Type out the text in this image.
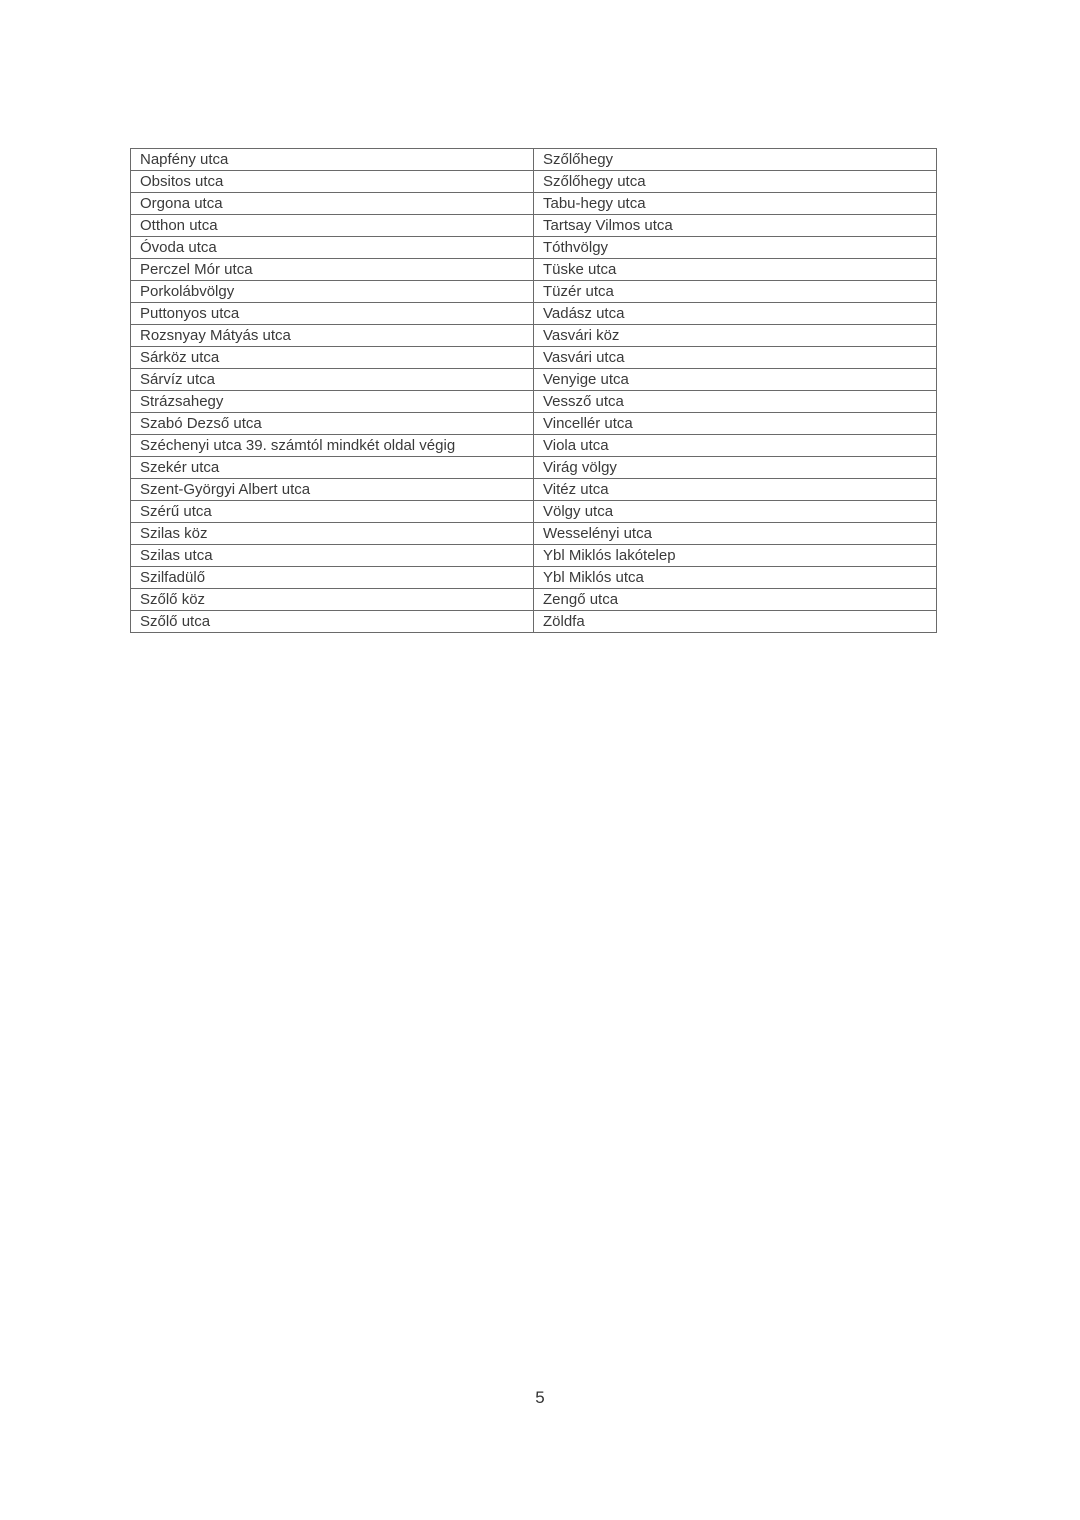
Napfény utca	Szőlőhegy
Obsitos utca	Szőlőhegy utca
Orgona utca	Tabu-hegy utca
Otthon utca	Tartsay Vilmos utca
Óvoda utca	Tóthvölgy
Perczel Mór utca	Tüske utca
Porkolábvölgy	Tüzér utca
Puttonyos utca	Vadász utca
Rozsnyay Mátyás utca	Vasvári köz
Sárköz utca	Vasvári utca
Sárvíz utca	Venyige utca
Strázsahegy	Vessző utca
Szabó Dezső utca	Vincellér utca
Széchenyi utca 39. számtól mindkét oldal végig	Viola utca
Szekér utca	Virág völgy
Szent-Györgyi Albert utca	Vitéz utca
Szérű utca	Völgy utca
Szilas köz	Wesselényi utca
Szilas utca	Ybl Miklós lakótelep
Szilfadülő	Ybl Miklós utca
Szőlő köz	Zengő utca
Szőlő utca	Zöldfa
5
